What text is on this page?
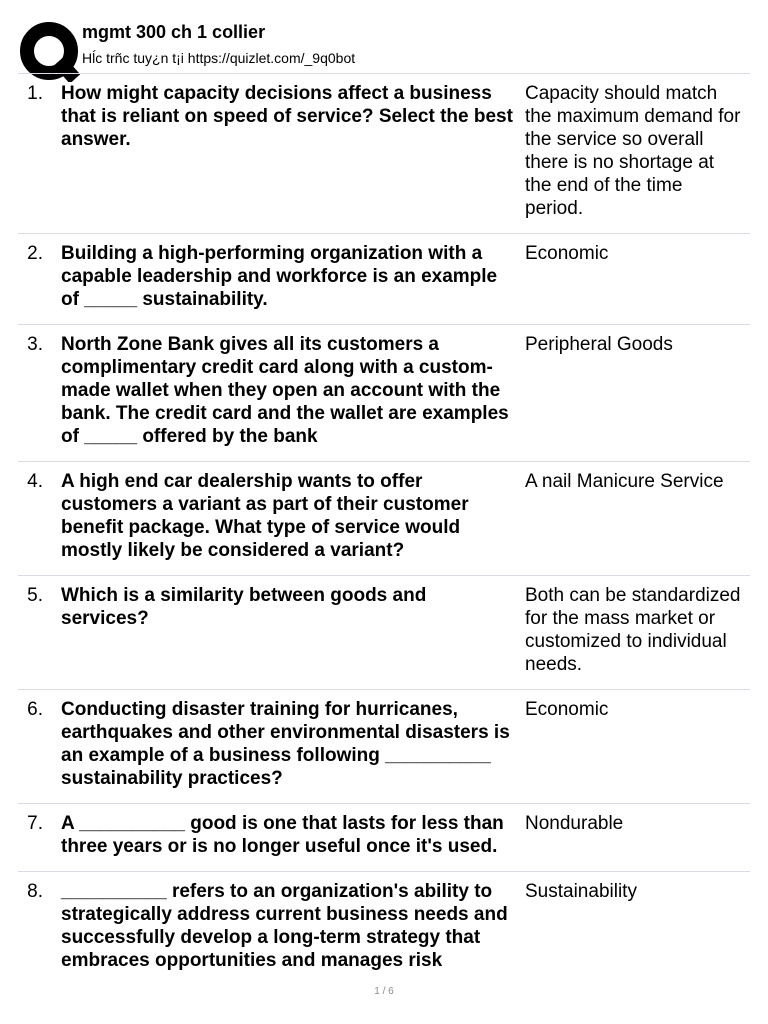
mgmt 300 ch 1 collier
Hĺc trñc tuy¿n t¡i https://quizlet.com/_9q0bot
1. How might capacity decisions affect a business that is reliant on speed of service? Select the best answer.
Capacity should match the maximum demand for the service so overall there is no shortage at the end of the time period.
2. Building a high-performing organization with a capable leadership and workforce is an example of _____ sustainability.
Economic
3. North Zone Bank gives all its customers a complimentary credit card along with a custom-made wallet when they open an account with the bank. The credit card and the wallet are examples of _____ offered by the bank
Peripheral Goods
4. A high end car dealership wants to offer customers a variant as part of their customer benefit package. What type of service would mostly likely be considered a variant?
A nail Manicure Service
5. Which is a similarity between goods and services?
Both can be standardized for the mass market or customized to individual needs.
6. Conducting disaster training for hurricanes, earthquakes and other environmental disasters is an example of a business following __________ sustainability practices?
Economic
7. A __________ good is one that lasts for less than three years or is no longer useful once it's used.
Nondurable
8. __________ refers to an organization's ability to strategically address current business needs and successfully develop a long-term strategy that embraces opportunities and manages risk
Sustainability
1 / 6
